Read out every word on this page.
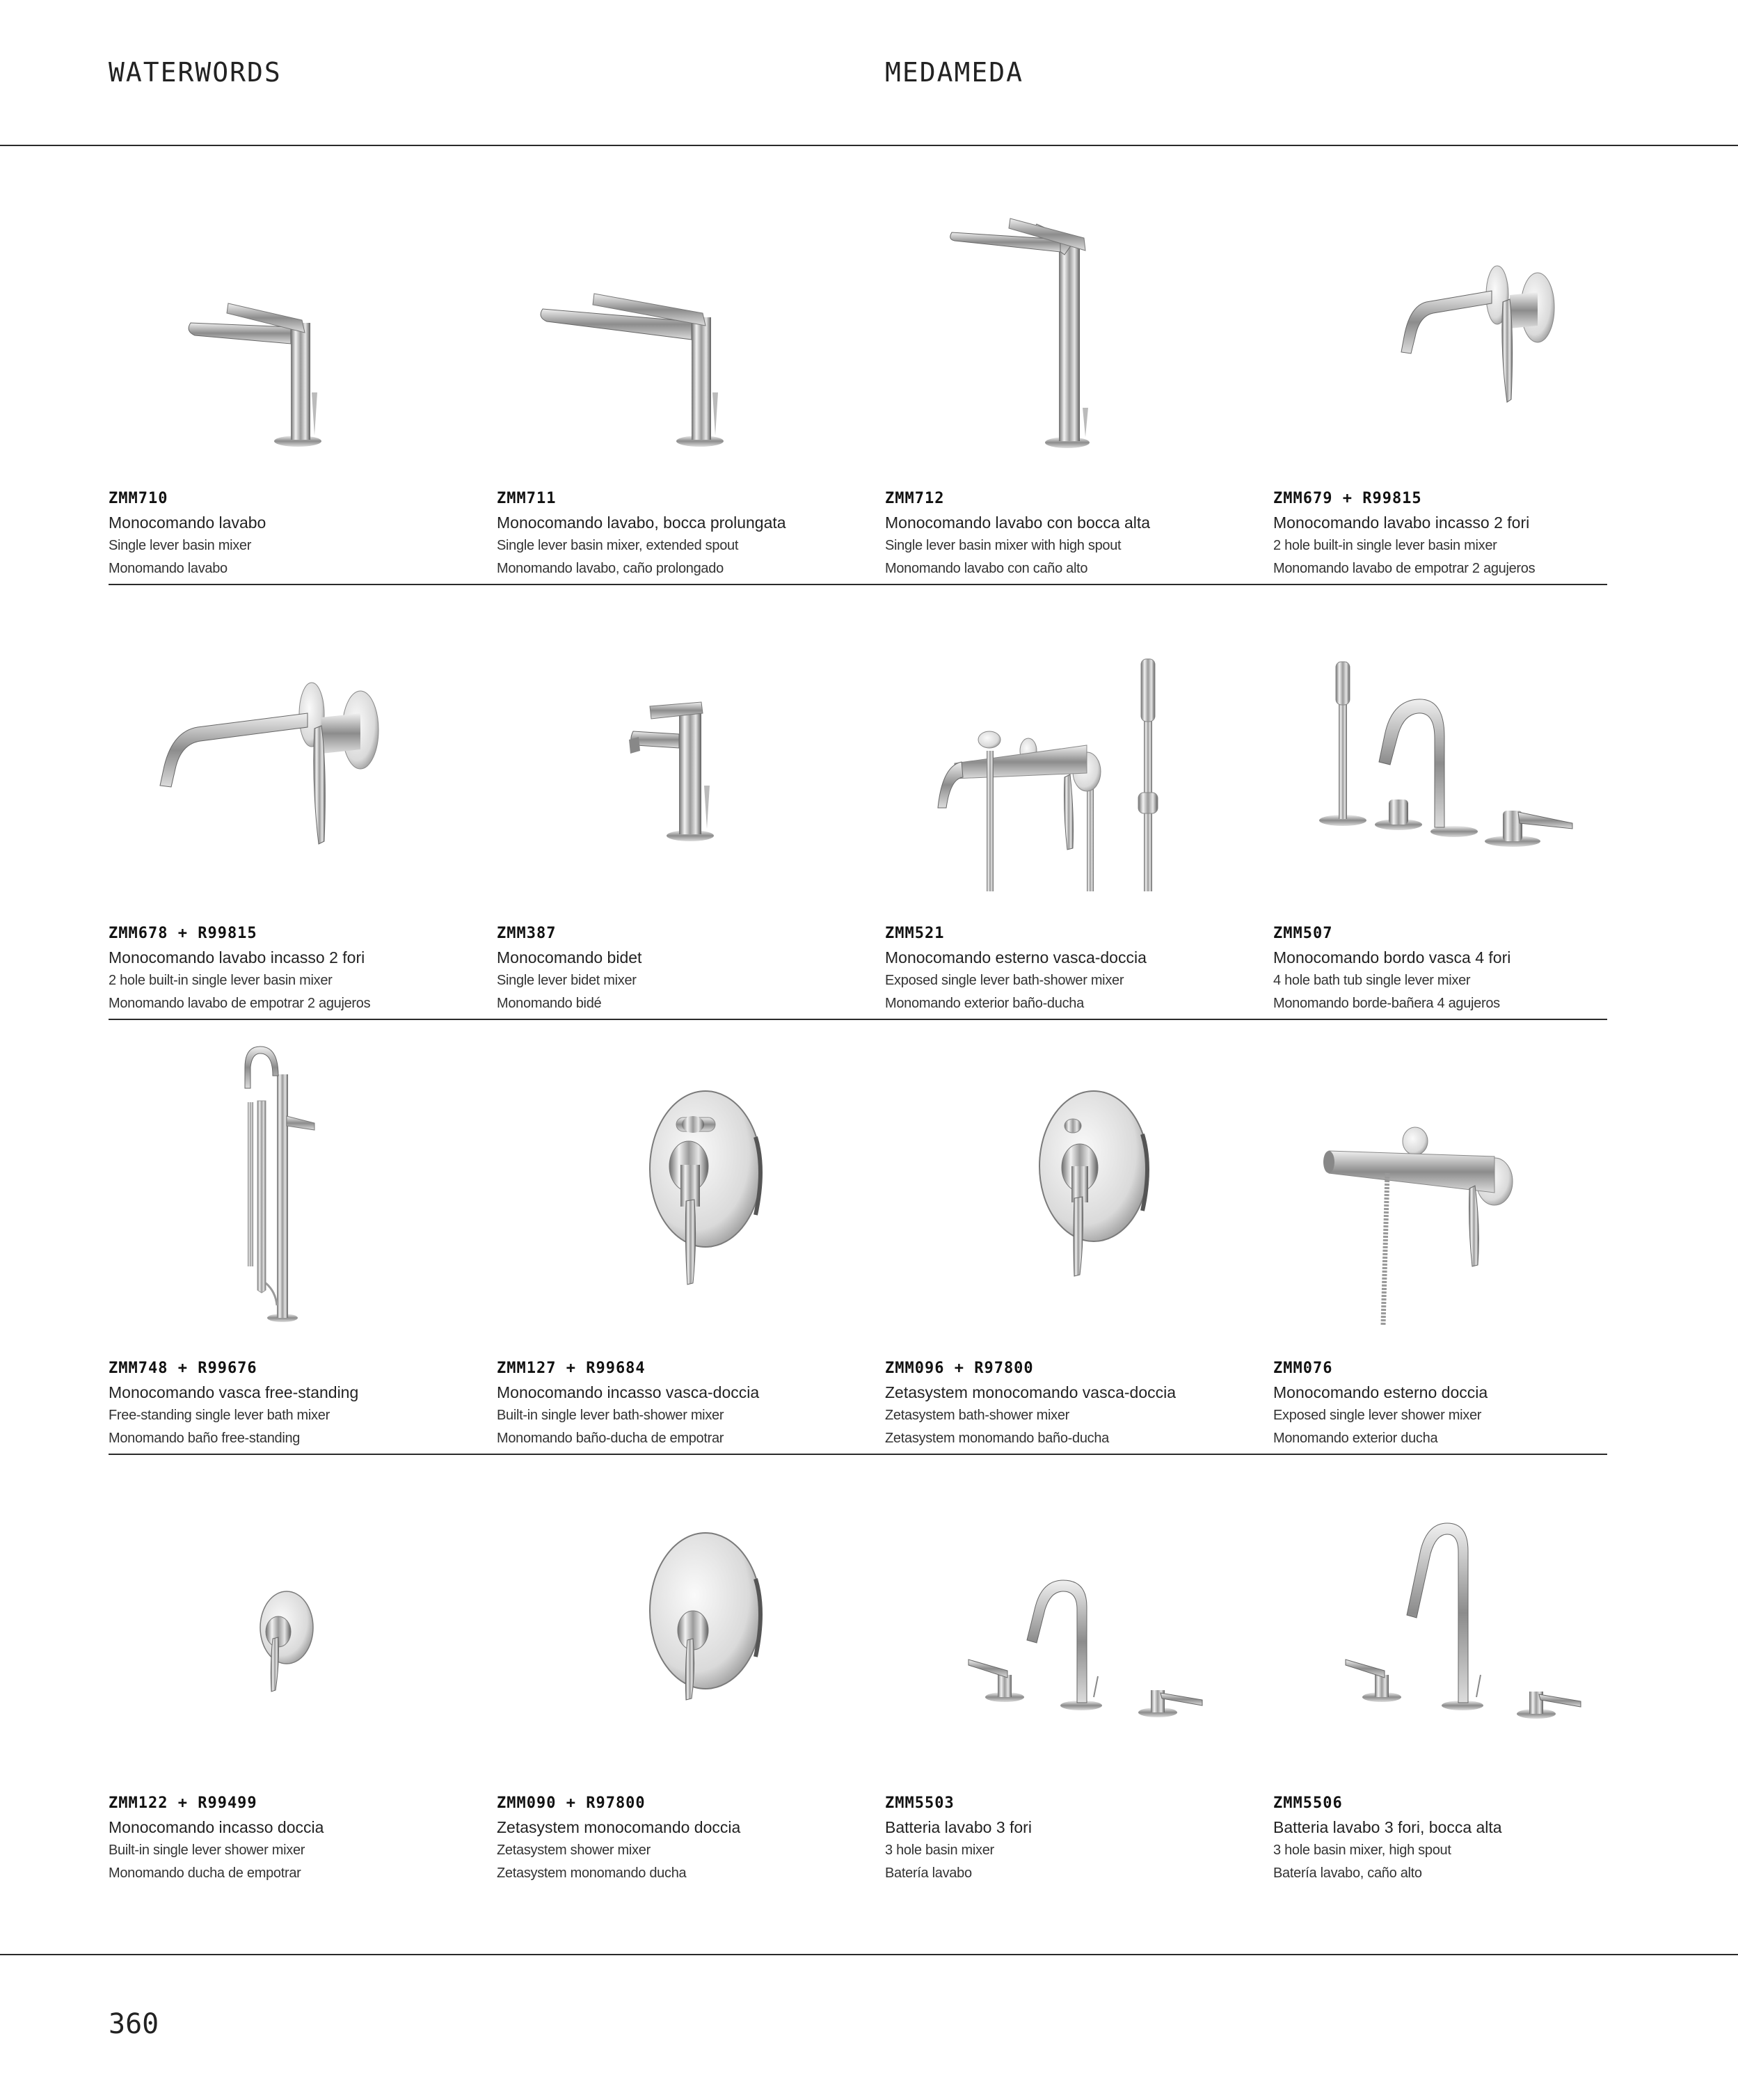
WATERWORDS	MEDAMEDA
ZMM710
Monocomando lavabo
Single lever basin mixer
Monomando lavabo
ZMM711
Monocomando lavabo, bocca prolungata
Single lever basin mixer, extended spout
Monomando lavabo, caño prolongado
ZMM712
Monocomando lavabo con bocca alta
Single lever basin mixer with high spout
Monomando lavabo con caño alto
ZMM679 + R99815
Monocomando lavabo incasso 2 fori
2 hole built-in single lever basin mixer
Monomando lavabo de empotrar 2 agujeros
ZMM678 + R99815
Monocomando lavabo incasso 2 fori
2 hole built-in single lever basin mixer
Monomando lavabo de empotrar 2 agujeros
ZMM387
Monocomando bidet
Single lever bidet mixer
Monomando bidé
ZMM521
Monocomando esterno vasca-doccia
Exposed single lever bath-shower mixer
Monomando exterior baño-ducha
ZMM507
Monocomando bordo vasca 4 fori
4 hole bath tub single lever mixer
Monomando borde-bañera 4 agujeros
ZMM748 + R99676
Monocomando vasca free-standing
Free-standing single lever bath mixer
Monomando baño free-standing
ZMM127 + R99684
Monocomando incasso vasca-doccia
Built-in single lever bath-shower mixer
Monomando baño-ducha de empotrar
ZMM096 + R97800
Zetasystem monocomando vasca-doccia
Zetasystem bath-shower mixer
Zetasystem monomando baño-ducha
ZMM076
Monocomando esterno doccia
Exposed single lever shower mixer
Monomando exterior ducha
ZMM122 + R99499
Monocomando incasso doccia
Built-in single lever shower mixer
Monomando ducha de empotrar
ZMM090 + R97800
Zetasystem monocomando doccia
Zetasystem shower mixer
Zetasystem monomando ducha
ZMM5503
Batteria lavabo 3 fori
3 hole basin mixer
Batería lavabo
ZMM5506
Batteria lavabo 3 fori, bocca alta
3 hole basin mixer, high spout
Batería lavabo, caño alto
360
